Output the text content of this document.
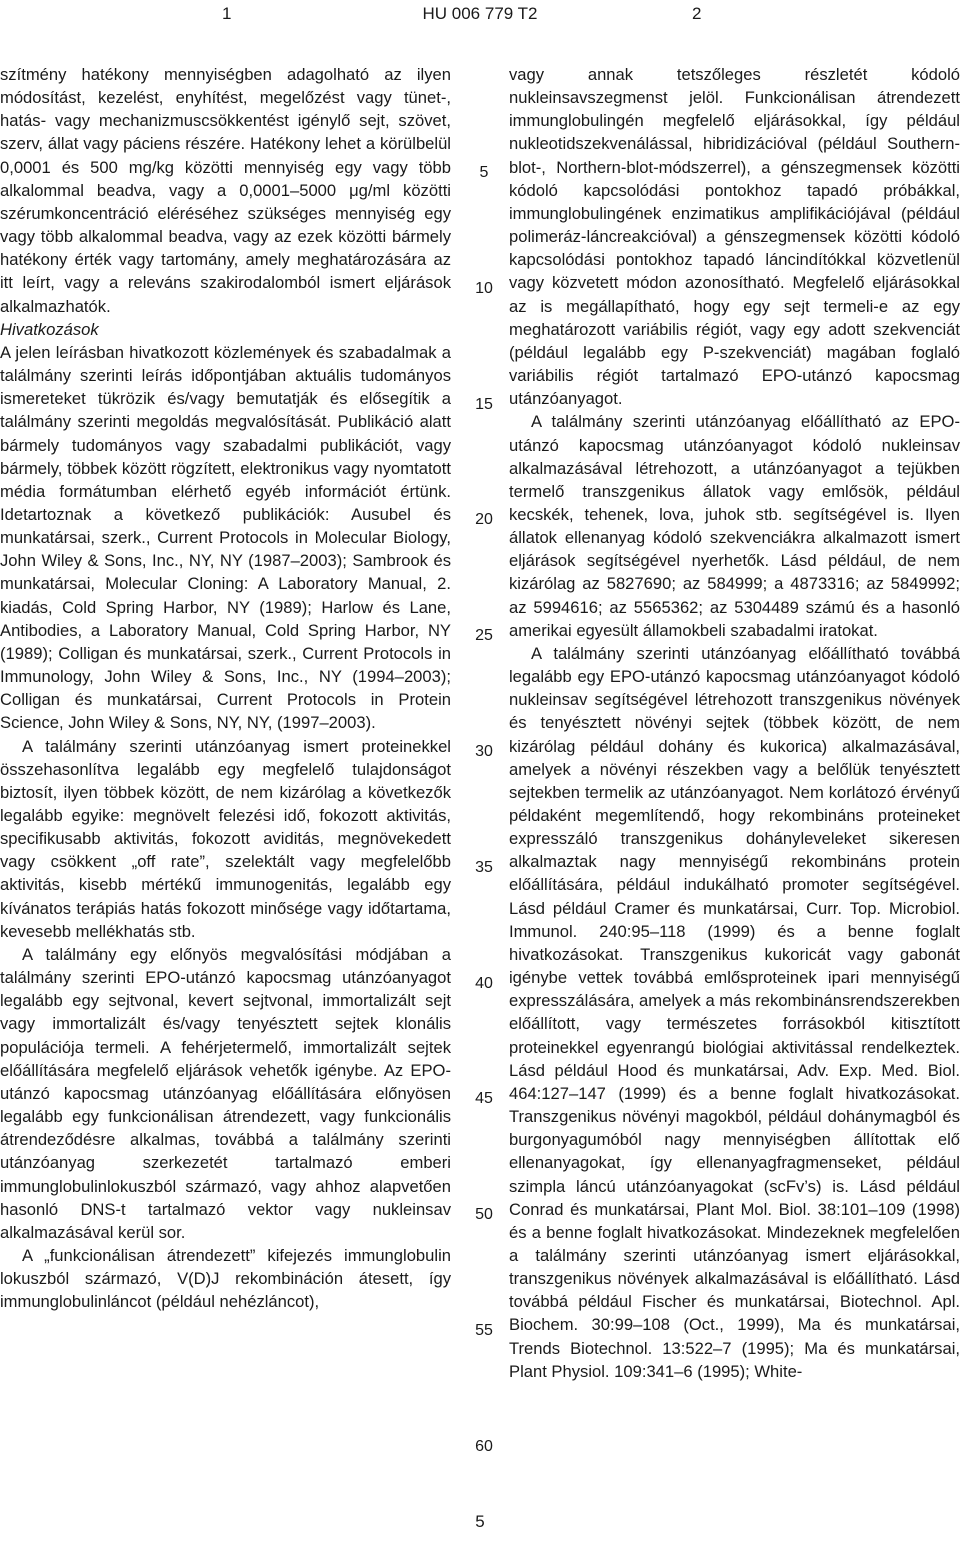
1	HU 006 779 T2	2

szítmény hatékony mennyiségben adagolható az ilyen módosítást, kezelést, enyhítést, megelőzést vagy tünet-, hatás- vagy mechanizmuscsökkentést igénylő sejt, szövet, szerv, állat vagy páciens részére. Hatékony lehet a körülbelül 0,0001 és 500 mg/kg közötti mennyiség egy vagy több alkalommal beadva, vagy a 0,0001–5000 μg/ml közötti szérumkoncentráció eléréséhez szükséges mennyiség egy vagy több alkalommal beadva, vagy az ezek közötti bármely hatékony érték vagy tartomány, amely meghatározására az itt leírt, vagy a releváns szakirodalomból ismert eljárások alkalmazhatók.

Hivatkozások

A jelen leírásban hivatkozott közlemények és szabadalmak a találmány szerinti leírás időpontjában aktuális tudományos ismereteket tükrözik és/vagy bemutatják és elősegítik a találmány szerinti megoldás megvalósítását. Publikáció alatt bármely tudományos vagy szabadalmi publikációt, vagy bármely, többek között rögzített, elektronikus vagy nyomtatott média formátumban elérhető egyéb információt értünk. Idetartoznak a következő publikációk: Ausubel és munkatársai, szerk., Current Protocols in Molecular Biology, John Wiley & Sons, Inc., NY, NY (1987–2003); Sambrook és munkatársai, Molecular Cloning: A Laboratory Manual, 2. kiadás, Cold Spring Harbor, NY (1989); Harlow és Lane, Antibodies, a Laboratory Manual, Cold Spring Harbor, NY (1989); Colligan és munkatársai, szerk., Current Protocols in Immunology, John Wiley & Sons, Inc., NY (1994–2003); Colligan és munkatársai, Current Protocols in Protein Science, John Wiley & Sons, NY, NY, (1997–2003).

A találmány szerinti utánzóanyag ismert proteinekkel összehasonlítva legalább egy megfelelő tulajdonságot biztosít, ilyen többek között, de nem kizárólag a következők legalább egyike: megnövelt felezési idő, fokozott aktivitás, specifikusabb aktivitás, fokozott aviditás, megnövekedett vagy csökkent „off rate”, szelektált vagy megfelelőbb aktivitás, kisebb mértékű immunogenitás, legalább egy kívánatos terápiás hatás fokozott minősége vagy időtartama, kevesebb mellékhatás stb.

A találmány egy előnyös megvalósítási módjában a találmány szerinti EPO-utánzó kapocsmag utánzóanyagot legalább egy sejtvonal, kevert sejtvonal, immortalizált sejt vagy immortalizált és/vagy tenyésztett sejtek klonális populációja termeli. A fehérjetermelő, immortalizált sejtek előállítására megfelelő eljárások vehetők igénybe. Az EPO-utánzó kapocsmag utánzóanyag előállítására előnyösen legalább egy funkcionálisan átrendezett, vagy funkcionális átrendeződésre alkalmas, továbbá a találmány szerinti utánzóanyag szerkezetét tartalmazó emberi immunglobulinlokuszból származó, vagy ahhoz alapvetően hasonló DNS-t tartalmazó vektor vagy nukleinsav alkalmazásával kerül sor.

A „funkcionálisan átrendezett” kifejezés immunglobulin lokuszból származó, V(D)J rekombináción átesett, így immunglobulinláncot (például nehézláncot),

vagy annak tetszőleges részletét kódoló nukleinsavszegmenst jelöl. Funkcionálisan átrendezett immunglobulingén megfelelő eljárásokkal, így például nukleotidszekvenálással, hibridizációval (például Southern-blot-, Northern-blot-módszerrel), a génszegmensek közötti kódoló kapcsolódási pontokhoz tapadó próbákkal, immunglobulingének enzimatikus amplifikációjával (például polimeráz-láncreakcióval) a génszegmensek közötti kódoló kapcsolódási pontokhoz tapadó láncindítókkal közvetlenül vagy közvetett módon azonosítható. Megfelelő eljárásokkal az is megállapítható, hogy egy sejt termeli-e az egy meghatározott variábilis régiót, vagy egy adott szekvenciát (például legalább egy P-szekvenciát) magában foglaló variábilis régiót tartalmazó EPO-utánzó kapocsmag utánzóanyagot.

A találmány szerinti utánzóanyag előállítható az EPO-utánzó kapocsmag utánzóanyagot kódoló nukleinsav alkalmazásával létrehozott, a utánzóanyagot a tejükben termelő transzgenikus állatok vagy emlősök, például kecskék, tehenek, lova, juhok stb. segítségével is. Ilyen állatok ellenanyag kódoló szekvenciákra alkalmazott ismert eljárások segítségével nyerhetők. Lásd például, de nem kizárólag az 5827690; az 584999; a 4873316; az 5849992; az 5994616; az 5565362; az 5304489 számú és a hasonló amerikai egyesült államokbeli szabadalmi iratokat.

A találmány szerinti utánzóanyag előállítható továbbá legalább egy EPO-utánzó kapocsmag utánzóanyagot kódoló nukleinsav segítségével létrehozott transzgenikus növények és tenyésztett növényi sejtek (többek között, de nem kizárólag például dohány és kukorica) alkalmazásával, amelyek a növényi részekben vagy a belőlük tenyésztett sejtekben termelik az utánzóanyagot. Nem korlátozó érvényű példaként megemlítendő, hogy rekombináns proteineket expresszáló transzgenikus dohányleveleket sikeresen alkalmaztak nagy mennyiségű rekombináns protein előállítására, például indukálható promoter segítségével. Lásd például Cramer és munkatársai, Curr. Top. Microbiol. Immunol. 240:95–118 (1999) és a benne foglalt hivatkozásokat. Transzgenikus kukoricát vagy gabonát igénybe vettek továbbá emlősproteinek ipari mennyiségű expresszálására, amelyek a más rekombinánsrendszerekben előállított, vagy természetes forrásokból kitisztított proteinekkel egyenrangú biológiai aktivitással rendelkeztek. Lásd például Hood és munkatársai, Adv. Exp. Med. Biol. 464:127–147 (1999) és a benne foglalt hivatkozásokat. Transzgenikus növényi magokból, például dohánymagból és burgonyagumóból nagy mennyiségben állítottak elő ellenanyagokat, így ellenanyagfragmenseket, például szimpla láncú utánzóanyagokat (scFv’s) is. Lásd például Conrad és munkatársai, Plant Mol. Biol. 38:101–109 (1998) és a benne foglalt hivatkozásokat. Mindezeknek megfelelően a találmány szerinti utánzóanyag ismert eljárásokkal, transzgenikus növények alkalmazásával is előállítható. Lásd továbbá például Fischer és munkatársai, Biotechnol. Apl. Biochem. 30:99–108 (Oct., 1999), Ma és munkatársai, Trends Biotechnol. 13:522–7 (1995); Ma és munkatársai, Plant Physiol. 109:341–6 (1995); White-

5
10
15
20
25
30
35
40
45
50
55
60
5
